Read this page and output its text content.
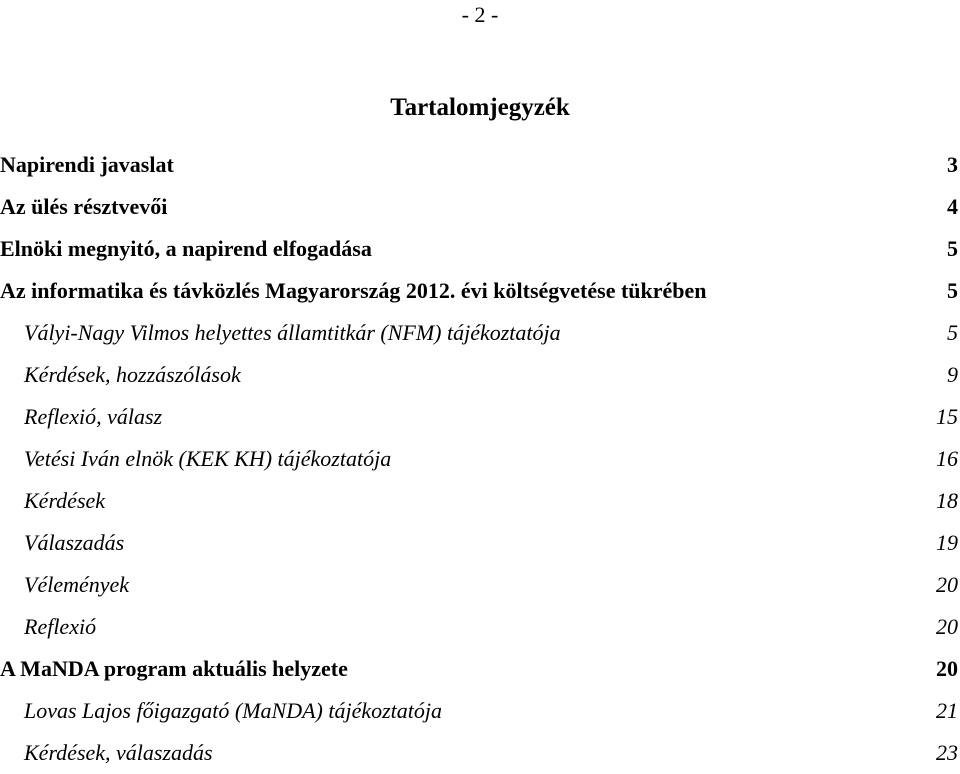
- 2 -
Tartalomjegyzék
Napirendi javaslat	3
Az ülés résztvevői	4
Elnöki megnyitó, a napirend elfogadása	5
Az informatika és távközlés Magyarország 2012. évi költségvetése tükrében	5
Vályi-Nagy Vilmos helyettes államtitkár (NFM) tájékoztatója	5
Kérdések, hozzászólások	9
Reflexió, válasz	15
Vetési Iván elnök (KEK KH) tájékoztatója	16
Kérdések	18
Válaszadás	19
Vélemények	20
Reflexió	20
A MaNDA program aktuális helyzete	20
Lovas Lajos főigazgató (MaNDA) tájékoztatója	21
Kérdések, válaszadás	23
